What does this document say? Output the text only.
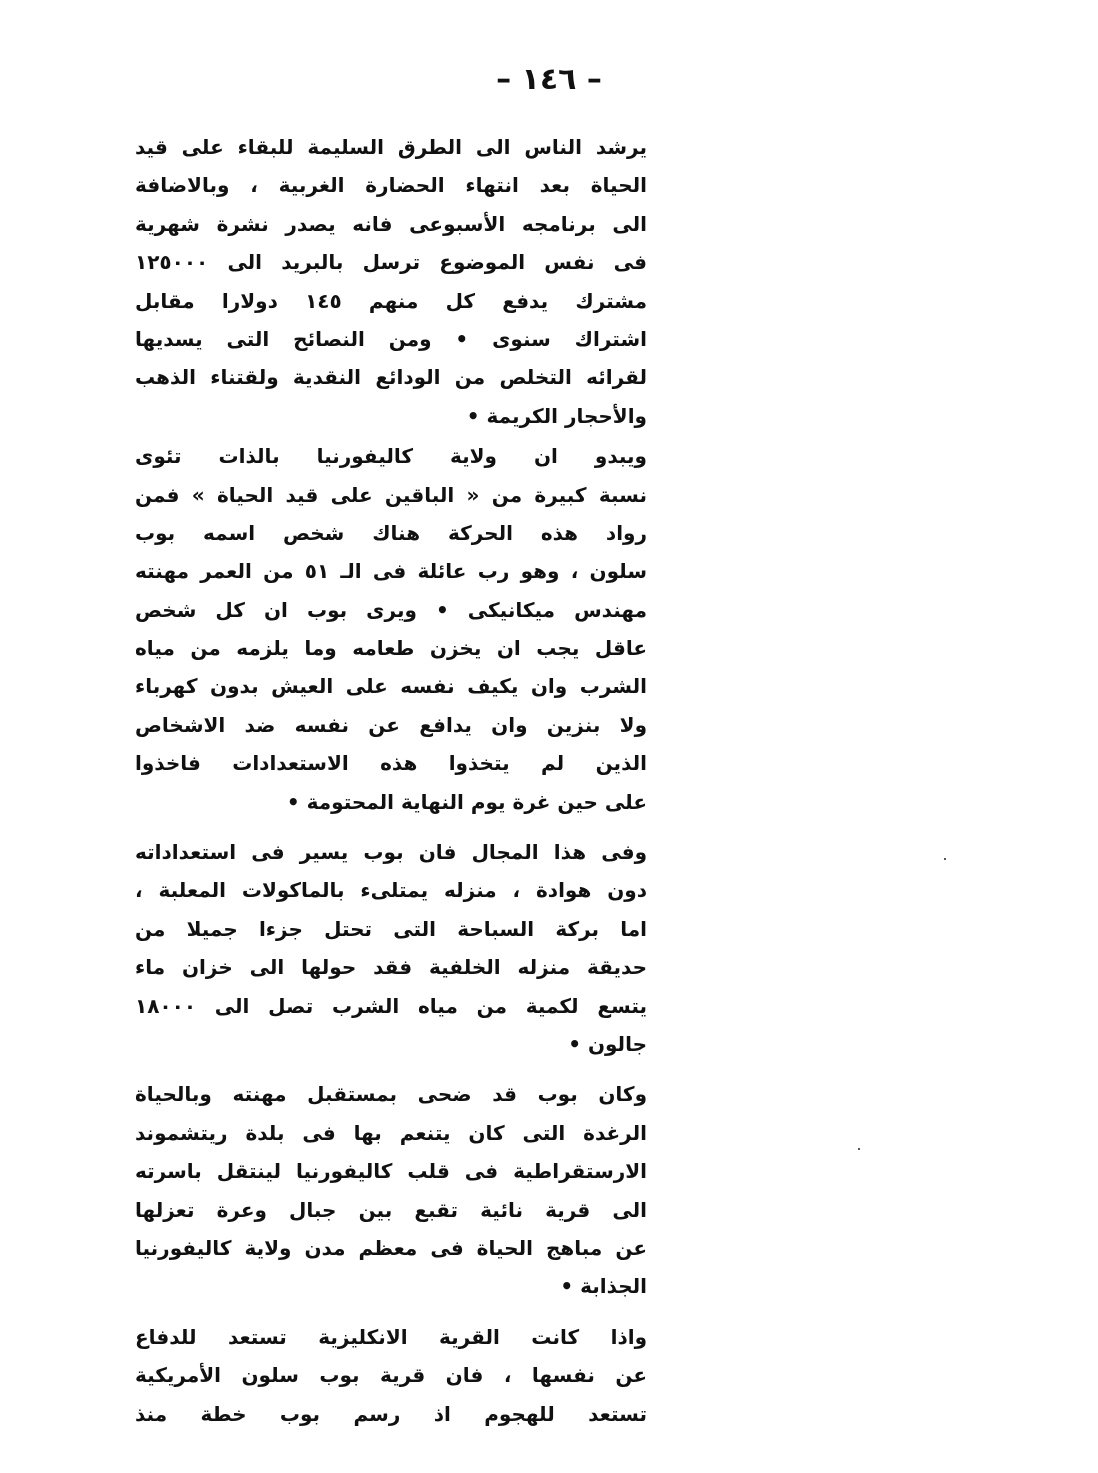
– ١٤٦ –
يرشد الناس الى الطرق السليمة للبقاء على قيد
الحياة بعد انتهاء الحضارة الغربية ، وبالاضافة
الى برنامجه الأسبوعى فانه يصدر نشرة شهرية
فى نفس الموضوع ترسل بالبريد الى ١٢٥٠٠٠
مشترك يدفع كل منهم ١٤٥ دولارا مقابل
اشتراك سنوى • ومن النصائح التى يسديها
لقرائه التخلص من الودائع النقدية ولقتناء الذهب
والأحجار الكريمة •
ويبدو ان ولاية كاليفورنيا بالذات تئوى
نسبة كبيرة من « الباقين على قيد الحياة » فمن
رواد هذه الحركة هناك شخص اسمه بوب
سلون ، وهو رب عائلة فى الـ ٥١ من العمر مهنته
مهندس ميكانيكى • ويرى بوب ان كل شخص
عاقل يجب ان يخزن طعامه وما يلزمه من مياه
الشرب وان يكيف نفسه على العيش بدون كهرباء
ولا بنزين وان يدافع عن نفسه ضد الاشخاص
الذين لم يتخذوا هذه الاستعدادات فاخذوا
على حين غرة يوم النهاية المحتومة •
وفى هذا المجال فان بوب يسير فى استعداداته
دون هوادة ، منزله يمتلىء بالماكولات المعلبة ،
اما بركة السباحة التى تحتل جزءا جميلا من
حديقة منزله الخلفية فقد حولها الى خزان ماء
يتسع لكمية من مياه الشرب تصل الى ١٨٠٠٠
جالون •
وكان بوب قد ضحى بمستقبل مهنته وبالحياة
الرغدة التى كان يتنعم بها فى بلدة ريتشموند
الارستقراطية فى قلب كاليفورنيا لينتقل باسرته
الى قرية نائية تقبع بين جبال وعرة تعزلها
عن مباهج الحياة فى معظم مدن ولاية كاليفورنيا
الجذابة •
واذا كانت القرية الانكليزية تستعد للدفاع
عن نفسها ، فان قرية بوب سلون الأمريكية
تستعد للهجوم اذ رسم بوب خطة منذ
